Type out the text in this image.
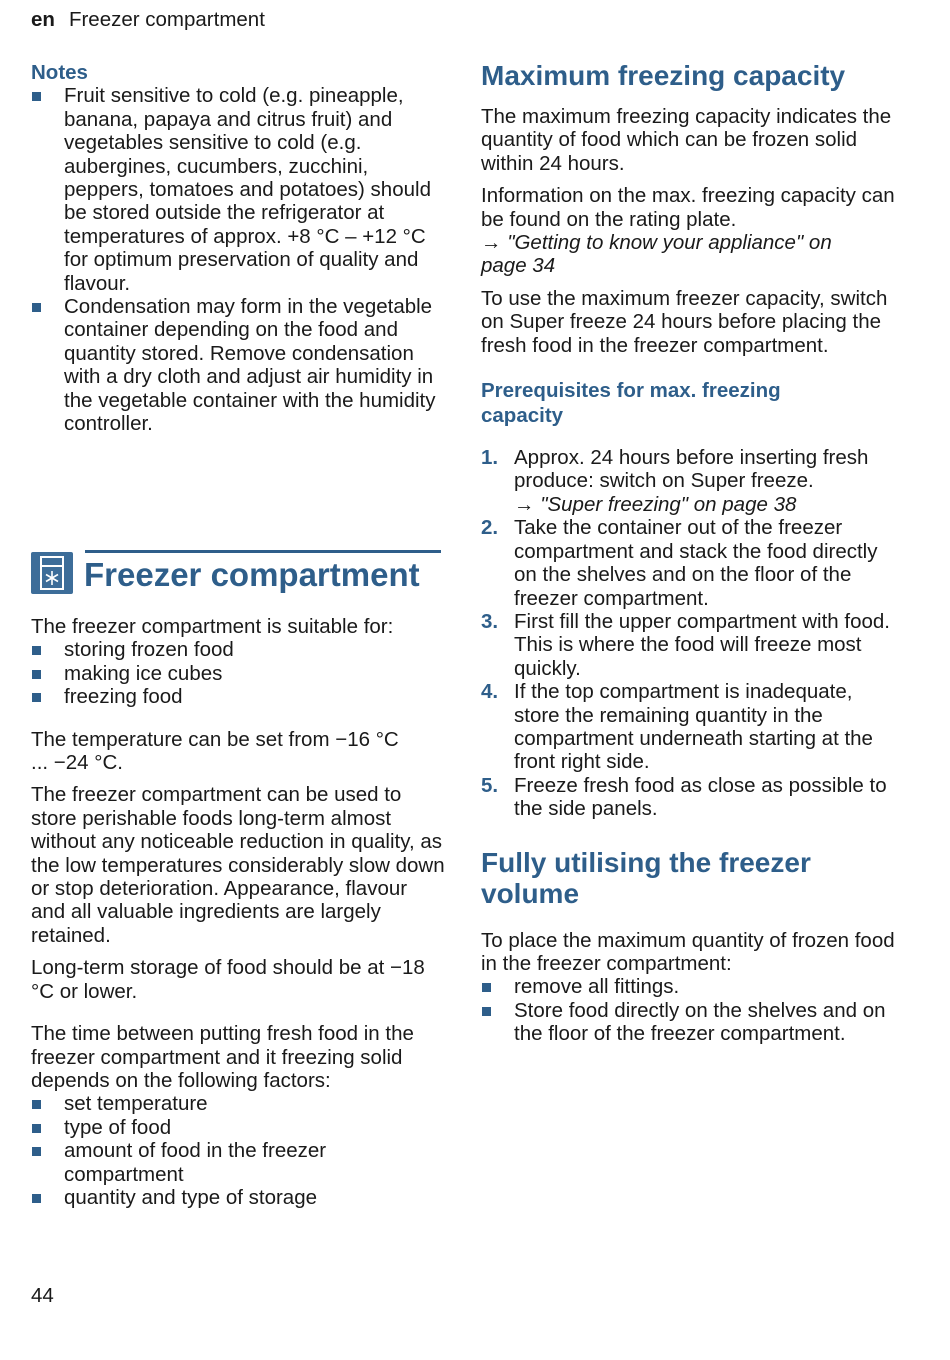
en Freezer compartment
Notes
Fruit sensitive to cold (e.g. pineapple, banana, papaya and citrus fruit) and vegetables sensitive to cold (e.g. aubergines, cucumbers, zucchini, peppers, tomatoes and potatoes) should be stored outside the refrigerator at temperatures of approx. +8 °C – +12 °C for optimum preservation of quality and flavour.
Condensation may form in the vegetable container depending on the food and quantity stored. Remove condensation with a dry cloth and adjust air humidity in the vegetable container with the humidity controller.
Freezer compartment

The freezer compartment is suitable for:

storing frozen food
making ice cubes
freezing food

The temperature can be set from −16 °C ... −24 °C.

The freezer compartment can be used to store perishable foods long-term almost without any noticeable reduction in quality, as the low temperatures considerably slow down or stop deterioration. Appearance, flavour and all valuable ingredients are largely retained.

Long-term storage of food should be at −18 °C or lower.

The time between putting fresh food in the freezer compartment and it freezing solid depends on the following factors:

set temperature
type of food
amount of food in the freezer compartment
quantity and type of storage
Maximum freezing capacity

The maximum freezing capacity indicates the quantity of food which can be frozen solid within 24 hours.

Information on the max. freezing capacity can be found on the rating plate.

→ "Getting to know your appliance" on page 34

To use the maximum freezer capacity, switch on Super freeze 24 hours before placing the fresh food in the freezer compartment.

Prerequisites for max. freezing capacity
1. Approx. 24 hours before inserting fresh produce: switch on Super freeze.
→ "Super freezing" on page 38
2. Take the container out of the freezer compartment and stack the food directly on the shelves and on the floor of the freezer compartment.
3. First fill the upper compartment with food. This is where the food will freeze most quickly.
4. If the top compartment is inadequate, store the remaining quantity in the compartment underneath starting at the front right side.
5. Freeze fresh food as close as possible to the side panels.
Fully utilising the freezer volume

To place the maximum quantity of frozen food in the freezer compartment:

remove all fittings.
Store food directly on the shelves and on the floor of the freezer compartment.
44
